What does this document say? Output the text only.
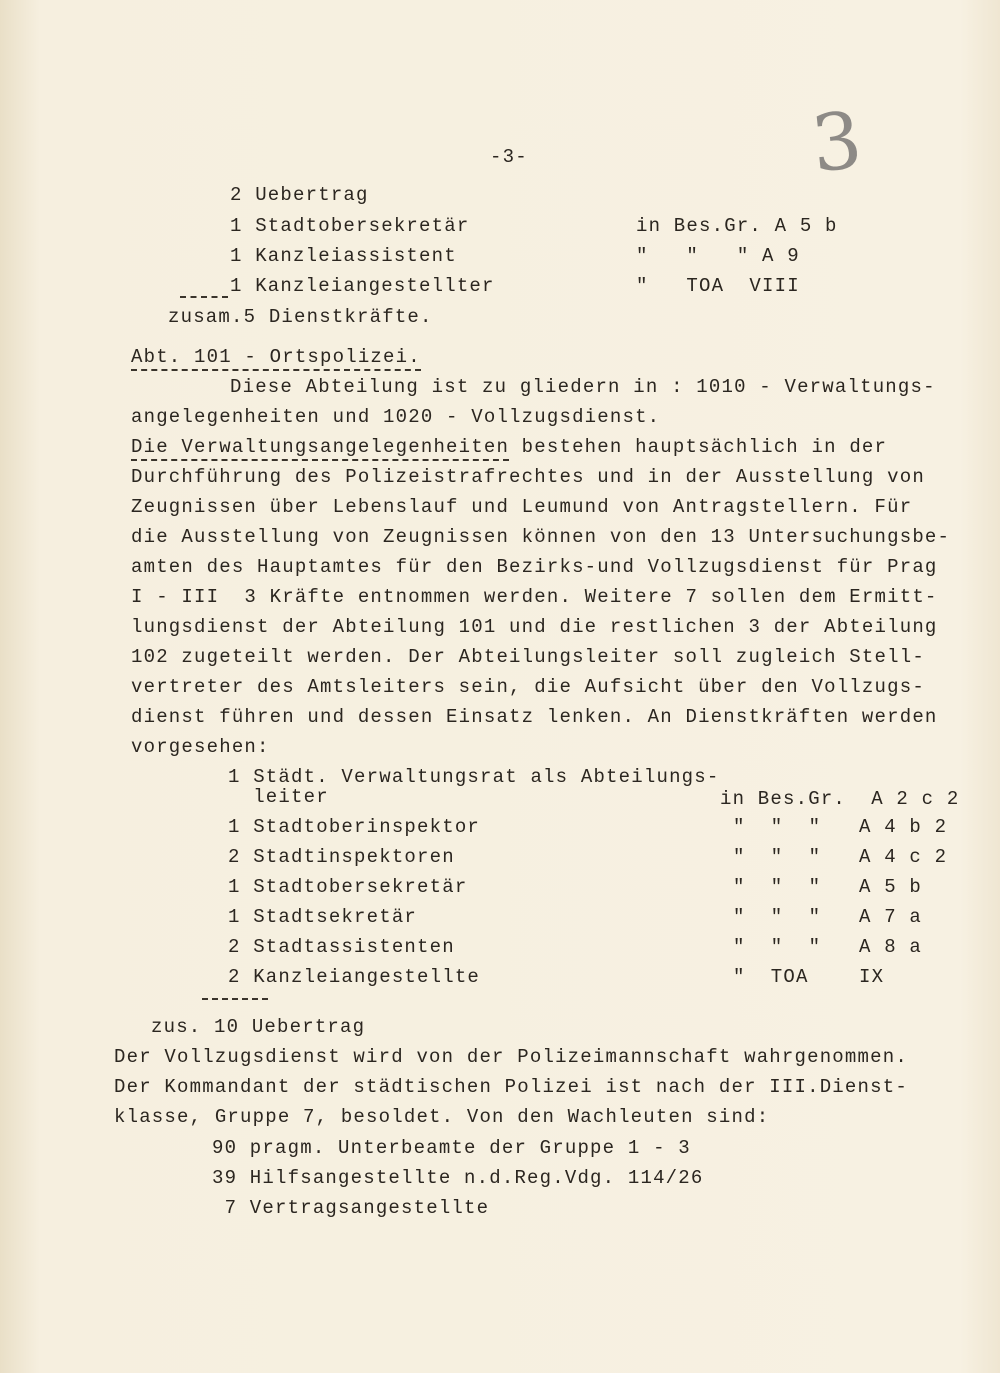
-3-	3
2 Uebertrag
1 Stadtobersekretär	in Bes.Gr. A 5 b
1 Kanzleiassistent	"   "   " A 9
1 Kanzleiangestellter	"   TOA  VIII
zusam.5 Dienstkräfte.
Abt. 101 - Ortspolizei.
Diese Abteilung ist zu gliedern in : 1010 - Verwaltungs-
angelegenheiten und 1020 - Vollzugsdienst.
Die Verwaltungsangelegenheiten bestehen hauptsächlich in der
Durchführung des Polizeistrafrechtes und in der Ausstellung von
Zeugnissen über Lebenslauf und Leumund von Antragstellern. Für
die Ausstellung von Zeugnissen können von den 13 Untersuchungsbe-
amten des Hauptamtes für den Bezirks-und Vollzugsdienst für Prag
I - III  3 Kräfte entnommen werden. Weitere 7 sollen dem Ermitt-
lungsdienst der Abteilung 101 und die restlichen 3 der Abteilung
102 zugeteilt werden. Der Abteilungsleiter soll zugleich Stell-
vertreter des Amtsleiters sein, die Aufsicht über den Vollzugs-
dienst führen und dessen Einsatz lenken. An Dienstkräften werden
vorgesehen:
1 Städt. Verwaltungsrat als Abteilungs-
leiter	in Bes.Gr.  A 2 c 2
1 Stadtoberinspektor	"  "  "   A 4 b 2
2 Stadtinspektoren	"  "  "   A 4 c 2
1 Stadtobersekretär	"  "  "   A 5 b
1 Stadtsekretär	"  "  "   A 7 a
2 Stadtassistenten	"  "  "   A 8 a
2 Kanzleiangestellte	"  TOA    IX
zus. 10 Uebertrag
Der Vollzugsdienst wird von der Polizeimannschaft wahrgenommen.
Der Kommandant der städtischen Polizei ist nach der III.Dienst-
klasse, Gruppe 7, besoldet. Von den Wachleuten sind:
90 pragm. Unterbeamte der Gruppe 1 - 3
39 Hilfsangestellte n.d.Reg.Vdg. 114/26
7 Vertragsangestellte
